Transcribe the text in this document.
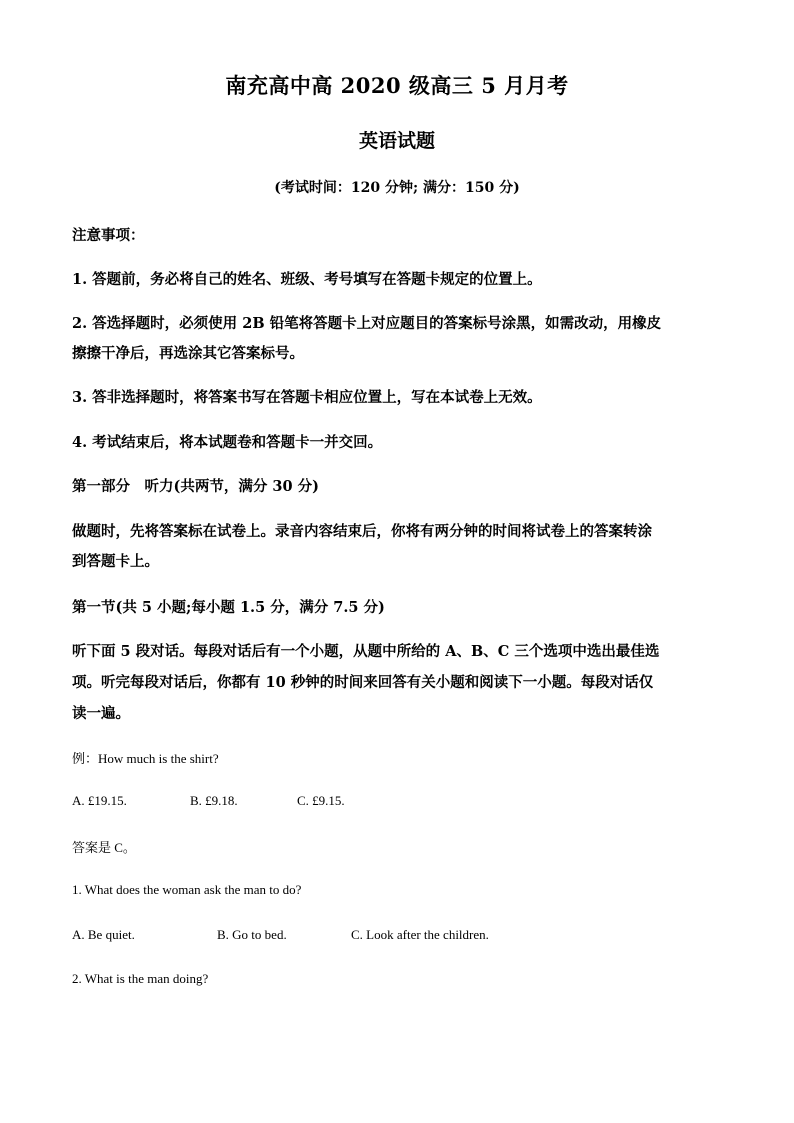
南充高中高 2020 级高三 5 月月考
英语试题
(考试时间：120 分钟; 满分：150 分)
注意事项：
1. 答题前，务必将自己的姓名、班级、考号填写在答题卡规定的位置上。
2. 答选择题时，必须使用 2B 铅笔将答题卡上对应题目的答案标号涂黑，如需改动，用橡皮
擦擦干净后，再选涂其它答案标号。
3. 答非选择题时，将答案书写在答题卡相应位置上，写在本试卷上无效。
4. 考试结束后，将本试题卷和答题卡一并交回。
第一部分　听力(共两节，满分 30 分)
做题时，先将答案标在试卷上。录音内容结束后，你将有两分钟的时间将试卷上的答案转涂
到答题卡上。
第一节(共 5 小题;每小题 1.5 分，满分 7.5 分)
听下面 5 段对话。每段对话后有一个小题，从题中所给的 A、B、C 三个选项中选出最佳选
项。听完每段对话后，你都有 10 秒钟的时间来回答有关小题和阅读下一小题。每段对话仅
读一遍。
例：How much is the shirt?
A. £19.15.	B. £9.18.	C. £9.15.
答案是 C。
1. What does the woman ask the man to do?
A. Be quiet.	B. Go to bed.	C. Look after the children.
2. What is the man doing?
